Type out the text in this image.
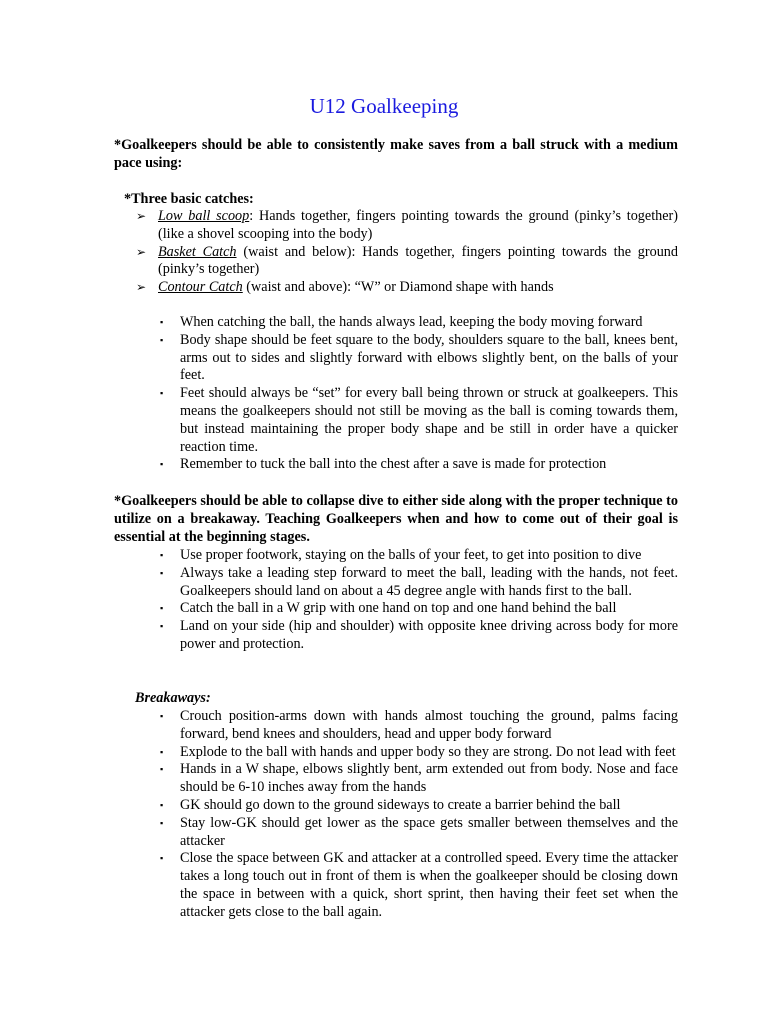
U12 Goalkeeping
*Goalkeepers should be able to consistently make saves from a ball struck with a medium pace using:
*Three basic catches:
➢ Low ball scoop: Hands together, fingers pointing towards the ground (pinky’s together) (like a shovel scooping into the body)
➢ Basket Catch (waist and below): Hands together, fingers pointing towards the ground (pinky’s together)
➢ Contour Catch (waist and above): “W” or Diamond shape with hands
▪ When catching the ball, the hands always lead, keeping the body moving forward
▪ Body shape should be feet square to the body, shoulders square to the ball, knees bent, arms out to sides and slightly forward with elbows slightly bent, on the balls of your feet.
▪ Feet should always be “set” for every ball being thrown or struck at goalkeepers. This means the goalkeepers should not still be moving as the ball is coming towards them, but instead maintaining the proper body shape and be still in order have a quicker reaction time.
▪ Remember to tuck the ball into the chest after a save is made for protection
*Goalkeepers should be able to collapse dive to either side along with the proper technique to utilize on a breakaway. Teaching Goalkeepers when and how to come out of their goal is essential at the beginning stages.
▪ Use proper footwork, staying on the balls of your feet, to get into position to dive
▪ Always take a leading step forward to meet the ball, leading with the hands, not feet. Goalkeepers should land on about a 45 degree angle with hands first to the ball.
▪ Catch the ball in a W grip with one hand on top and one hand behind the ball
▪ Land on your side (hip and shoulder) with opposite knee driving across body for more power and protection.
Breakaways:
▪ Crouch position-arms down with hands almost touching the ground, palms facing forward, bend knees and shoulders, head and upper body forward
▪ Explode to the ball with hands and upper body so they are strong. Do not lead with feet
▪ Hands in a W shape, elbows slightly bent, arm extended out from body. Nose and face should be 6-10 inches away from the hands
▪ GK should go down to the ground sideways to create a barrier behind the ball
▪ Stay low-GK should get lower as the space gets smaller between themselves and the attacker
▪ Close the space between GK and attacker at a controlled speed. Every time the attacker takes a long touch out in front of them is when the goalkeeper should be closing down the space in between with a quick, short sprint, then having their feet set when the attacker gets close to the ball again.
